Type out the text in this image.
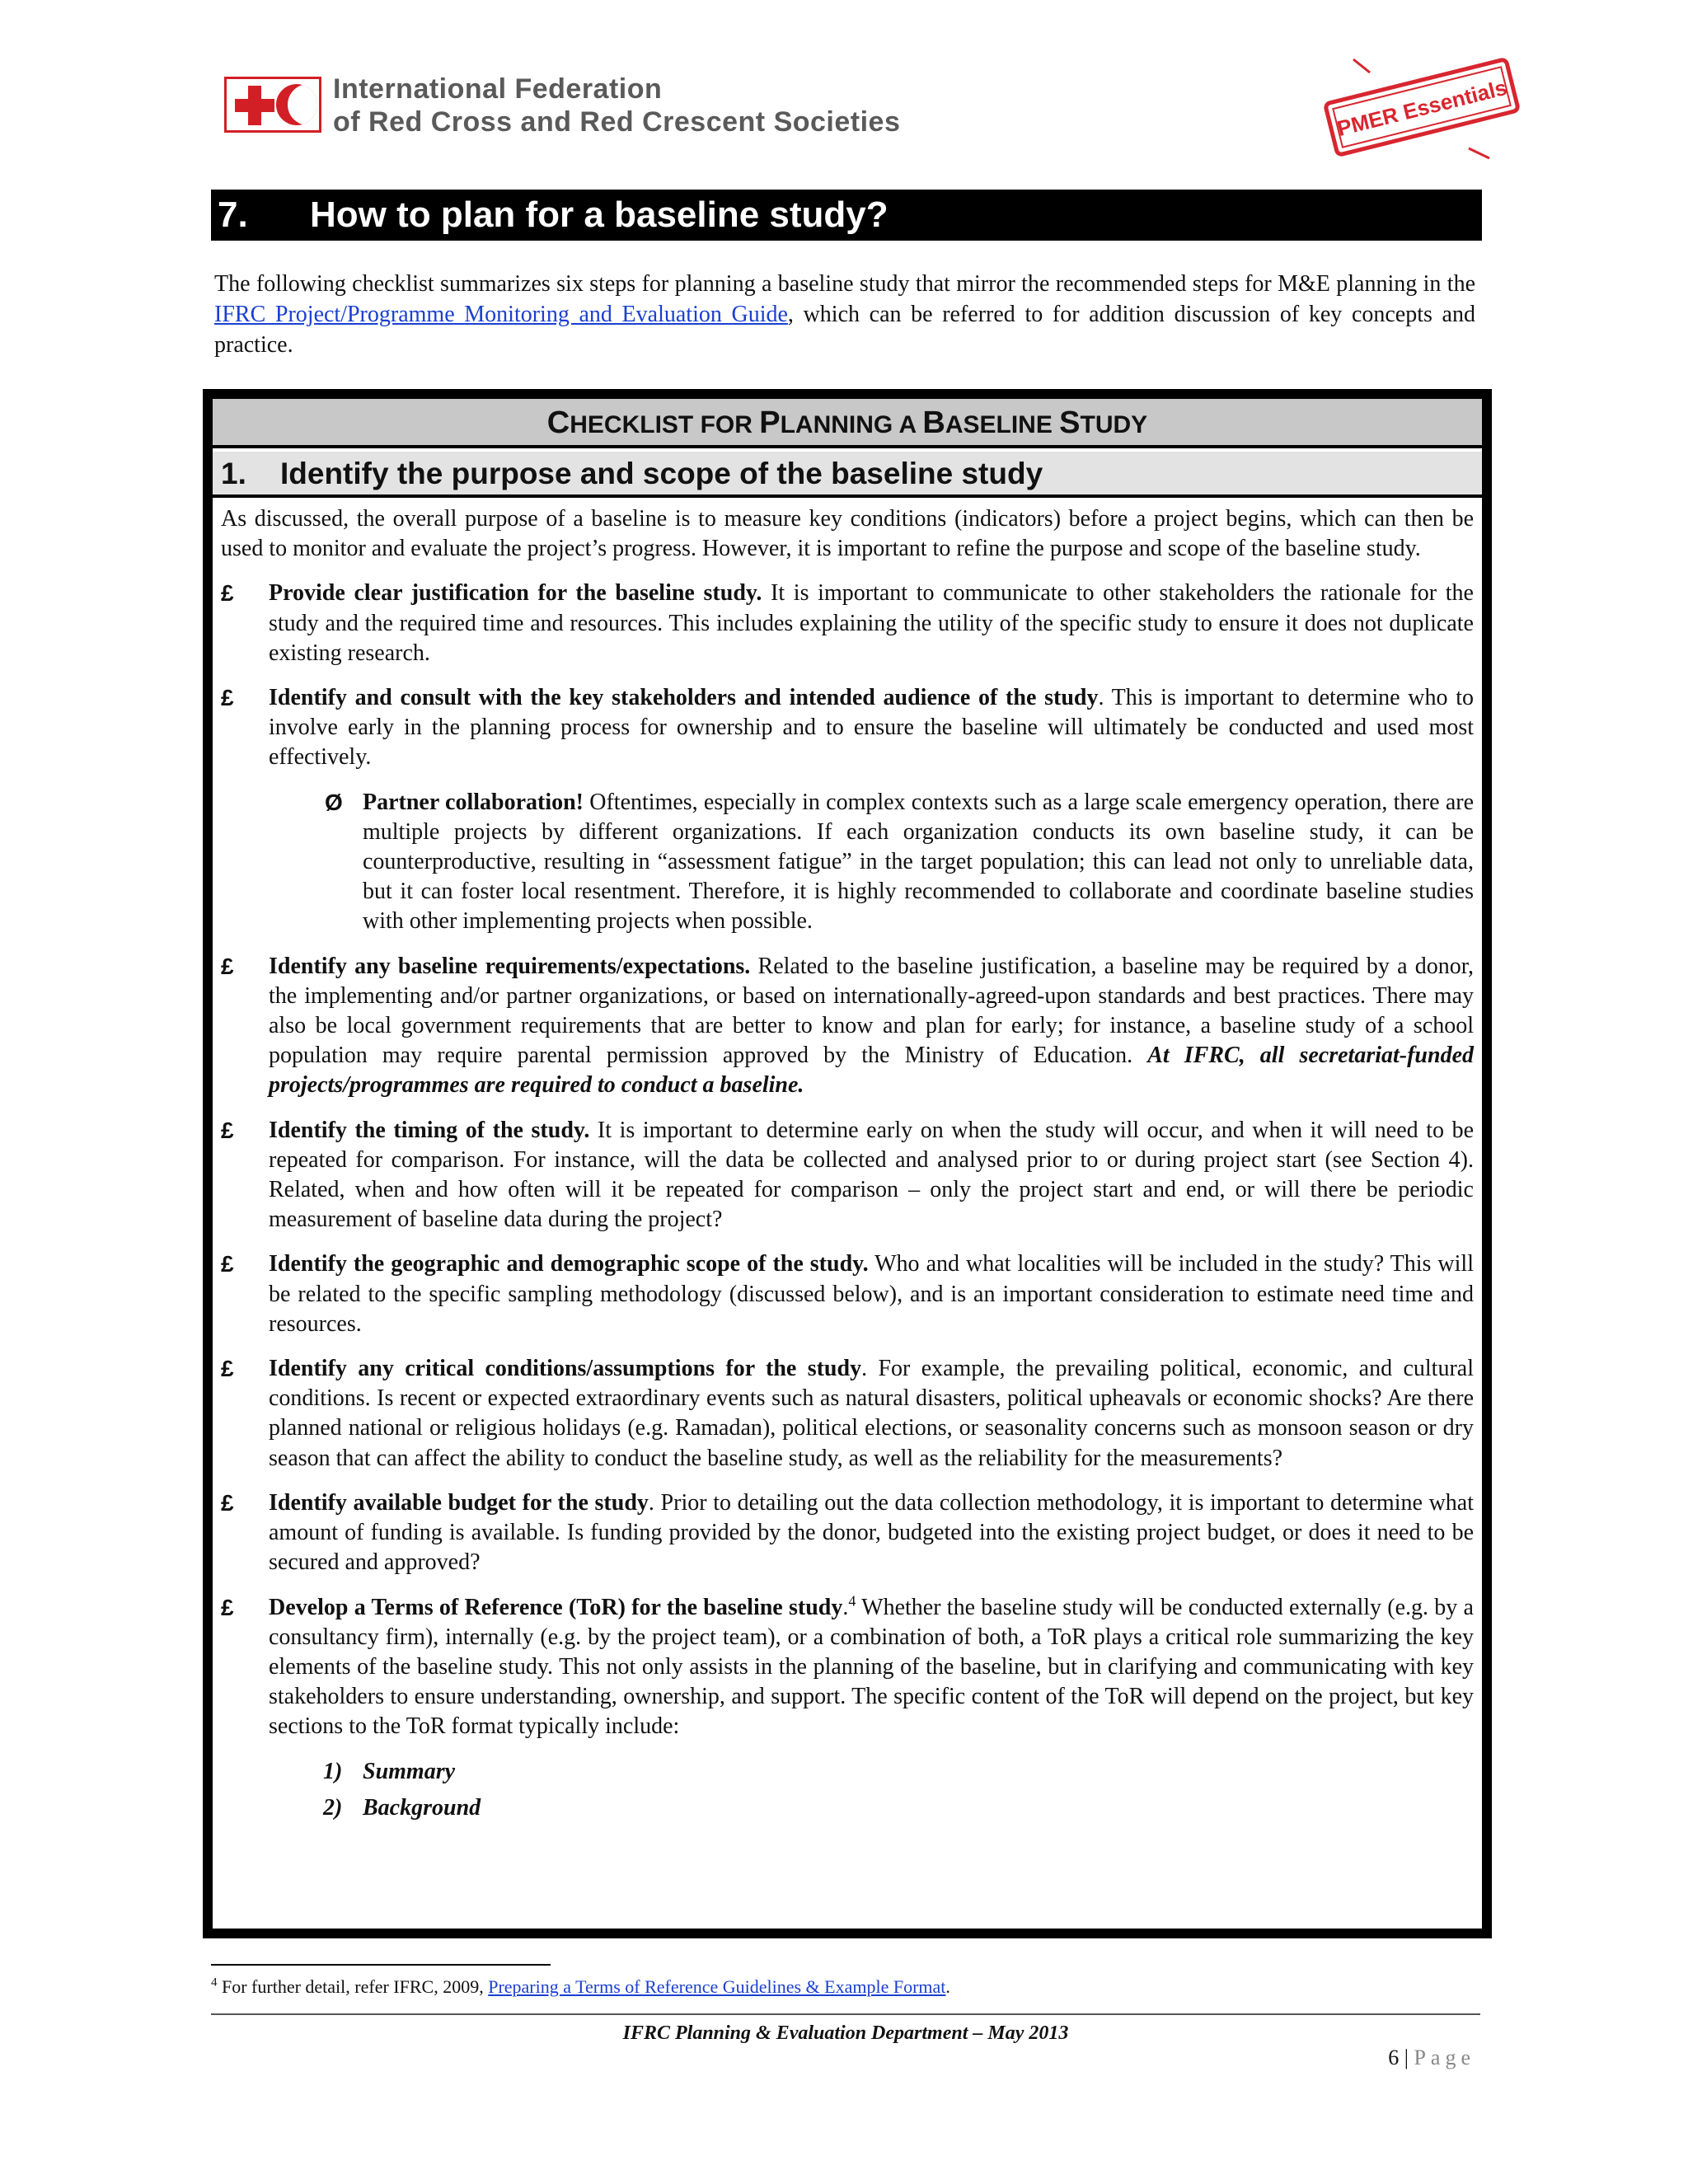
International Federation
of Red Cross and Red Crescent Societies	PMER Essentials
7. How to plan for a baseline study?
The following checklist summarizes six steps for planning a baseline study that mirror the recommended steps for M&E planning in the IFRC Project/Programme Monitoring and Evaluation Guide, which can be referred to for addition discussion of key concepts and practice.
CHECKLIST FOR PLANNING A BASELINE STUDY
1. Identify the purpose and scope of the baseline study
As discussed, the overall purpose of a baseline is to measure key conditions (indicators) before a project begins, which can then be used to monitor and evaluate the project’s progress. However, it is important to refine the purpose and scope of the baseline study.
£ Provide clear justification for the baseline study. It is important to communicate to other stakeholders the rationale for the study and the required time and resources. This includes explaining the utility of the specific study to ensure it does not duplicate existing research.
£ Identify and consult with the key stakeholders and intended audience of the study. This is important to determine who to involve early in the planning process for ownership and to ensure the baseline will ultimately be conducted and used most effectively.
Ø Partner collaboration! Oftentimes, especially in complex contexts such as a large scale emergency operation, there are multiple projects by different organizations. If each organization conducts its own baseline study, it can be counterproductive, resulting in “assessment fatigue” in the target population; this can lead not only to unreliable data, but it can foster local resentment. Therefore, it is highly recommended to collaborate and coordinate baseline studies with other implementing projects when possible.
£ Identify any baseline requirements/expectations. Related to the baseline justification, a baseline may be required by a donor, the implementing and/or partner organizations, or based on internationally-agreed-upon standards and best practices. There may also be local government requirements that are better to know and plan for early; for instance, a baseline study of a school population may require parental permission approved by the Ministry of Education. At IFRC, all secretariat-funded projects/programmes are required to conduct a baseline.
£ Identify the timing of the study. It is important to determine early on when the study will occur, and when it will need to be repeated for comparison. For instance, will the data be collected and analysed prior to or during project start (see Section 4). Related, when and how often will it be repeated for comparison – only the project start and end, or will there be periodic measurement of baseline data during the project?
£ Identify the geographic and demographic scope of the study. Who and what localities will be included in the study? This will be related to the specific sampling methodology (discussed below), and is an important consideration to estimate need time and resources.
£ Identify any critical conditions/assumptions for the study. For example, the prevailing political, economic, and cultural conditions. Is recent or expected extraordinary events such as natural disasters, political upheavals or economic shocks? Are there planned national or religious holidays (e.g. Ramadan), political elections, or seasonality concerns such as monsoon season or dry season that can affect the ability to conduct the baseline study, as well as the reliability for the measurements?
£ Identify available budget for the study. Prior to detailing out the data collection methodology, it is important to determine what amount of funding is available. Is funding provided by the donor, budgeted into the existing project budget, or does it need to be secured and approved?
£ Develop a Terms of Reference (ToR) for the baseline study.$^4$ Whether the baseline study will be conducted externally (e.g. by a consultancy firm), internally (e.g. by the project team), or a combination of both, a ToR plays a critical role summarizing the key elements of the baseline study. This not only assists in the planning of the baseline, but in clarifying and communicating with key stakeholders to ensure understanding, ownership, and support. The specific content of the ToR will depend on the project, but key sections to the ToR format typically include:
1) Summary
2) Background
$^4$ For further detail, refer IFRC, 2009, Preparing a Terms of Reference Guidelines & Example Format.
IFRC Planning & Evaluation Department – May 2013
6 | Page
